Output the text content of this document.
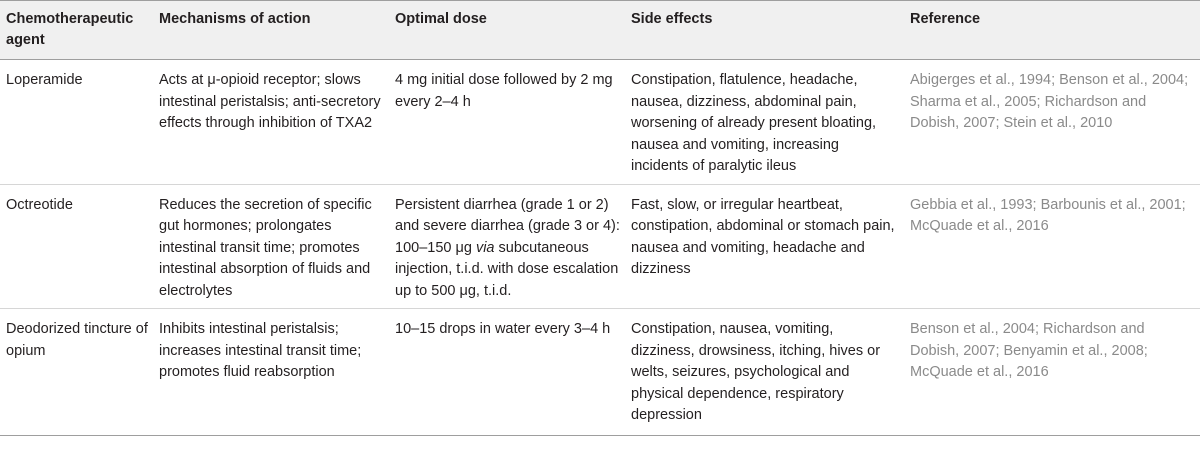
Chemotherapeutic agent	Mechanisms of action	Optimal dose	Side effects	Reference
Loperamide	Acts at μ-opioid receptor; slows intestinal peristalsis; anti-secretory effects through inhibition of TXA2	4 mg initial dose followed by 2 mg every 2–4 h	Constipation, flatulence, headache, nausea, dizziness, abdominal pain, worsening of already present bloating, nausea and vomiting, increasing incidents of paralytic ileus	Abigerges et al., 1994; Benson et al., 2004; Sharma et al., 2005; Richardson and Dobish, 2007; Stein et al., 2010
Octreotide	Reduces the secretion of specific gut hormones; prolongates intestinal transit time; promotes intestinal absorption of fluids and electrolytes	Persistent diarrhea (grade 1 or 2) and severe diarrhea (grade 3 or 4): 100–150 μg via subcutaneous injection, t.i.d. with dose escalation up to 500 μg, t.i.d.	Fast, slow, or irregular heartbeat, constipation, abdominal or stomach pain, nausea and vomiting, headache and dizziness	Gebbia et al., 1993; Barbounis et al., 2001; McQuade et al., 2016
Deodorized tincture of opium	Inhibits intestinal peristalsis; increases intestinal transit time; promotes fluid reabsorption	10–15 drops in water every 3–4 h	Constipation, nausea, vomiting, dizziness, drowsiness, itching, hives or welts, seizures, psychological and physical dependence, respiratory depression	Benson et al., 2004; Richardson and Dobish, 2007; Benyamin et al., 2008; McQuade et al., 2016
